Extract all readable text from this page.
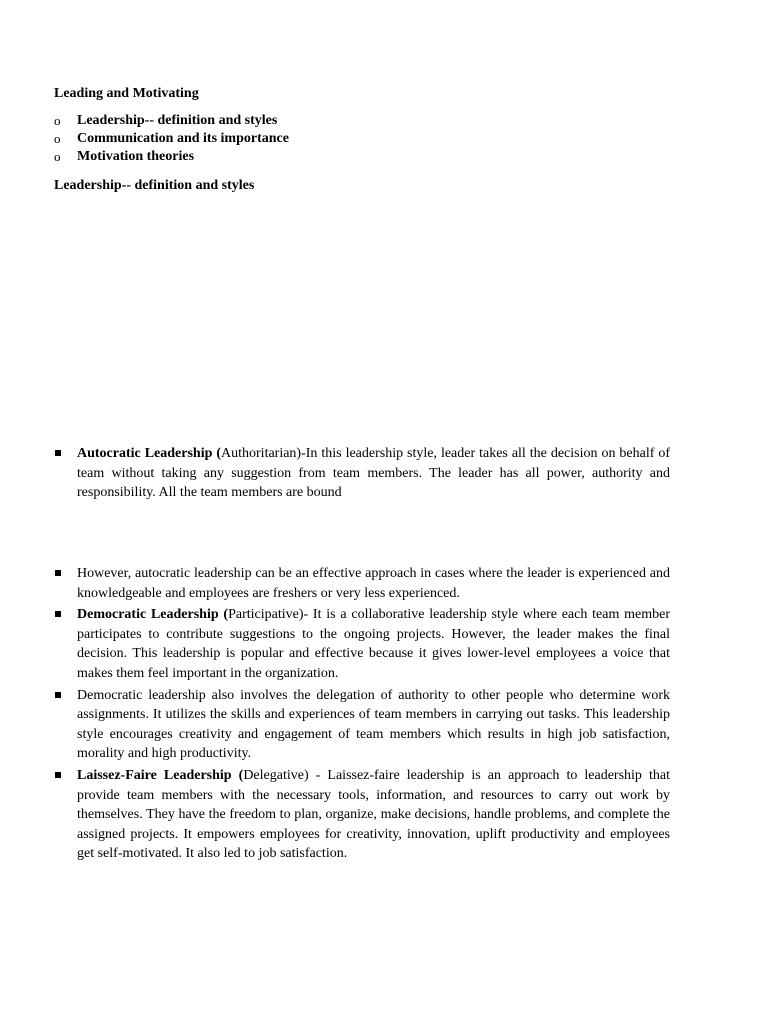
Leading and Motivating

o Leadership-- definition and styles
o Communication and its importance
o Motivation theories

Leadership-- definition and styles

Autocratic Leadership (Authoritarian)-In this leadership style, leader takes all the decision on behalf of team without taking any suggestion from team members. The leader has all power, authority and responsibility. All the team members are bound
However, autocratic leadership can be an effective approach in cases where the leader is experienced and knowledgeable and employees are freshers or very less experienced.
Democratic Leadership (Participative)- It is a collaborative leadership style where each team member participates to contribute suggestions to the ongoing projects. However, the leader makes the final decision. This leadership is popular and effective because it gives lower-level employees a voice that makes them feel important in the organization.
Democratic leadership also involves the delegation of authority to other people who determine work assignments. It utilizes the skills and experiences of team members in carrying out tasks. This leadership style encourages creativity and engagement of team members which results in high job satisfaction, morality and high productivity.
Laissez-Faire Leadership (Delegative) - Laissez-faire leadership is an approach to leadership that provide team members with the necessary tools, information, and resources to carry out work by themselves. They have the freedom to plan, organize, make decisions, handle problems, and complete the assigned projects. It empowers employees for creativity, innovation, uplift productivity and employees get self-motivated. It also led to job satisfaction.
